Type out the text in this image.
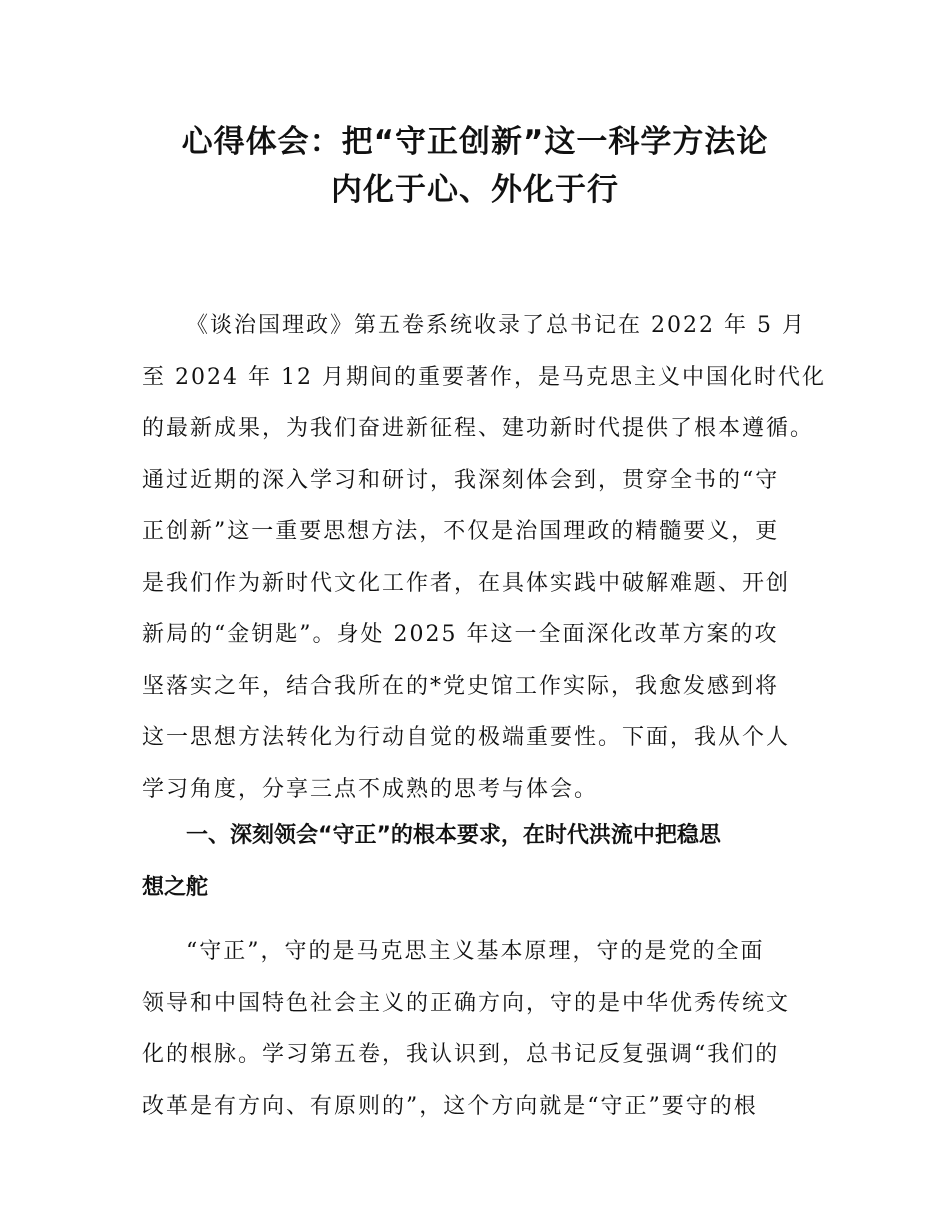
心得体会：把“守正创新”这一科学方法论
内化于心、外化于行
《谈治国理政》第五卷系统收录了总书记在 2022 年 5 月
至 2024 年 12 月期间的重要著作，是马克思主义中国化时代化
的最新成果，为我们奋进新征程、建功新时代提供了根本遵循。
通过近期的深入学习和研讨，我深刻体会到，贯穿全书的“守
正创新”这一重要思想方法，不仅是治国理政的精髓要义，更
是我们作为新时代文化工作者，在具体实践中破解难题、开创
新局的“金钥匙”。身处 2025 年这一全面深化改革方案的攻
坚落实之年，结合我所在的*党史馆工作实际，我愈发感到将
这一思想方法转化为行动自觉的极端重要性。下面，我从个人
学习角度，分享三点不成熟的思考与体会。
一、深刻领会“守正”的根本要求，在时代洪流中把稳思
想之舵
“守正”，守的是马克思主义基本原理，守的是党的全面
领导和中国特色社会主义的正确方向，守的是中华优秀传统文
化的根脉。学习第五卷，我认识到，总书记反复强调“我们的
改革是有方向、有原则的”，这个方向就是“守正”要守的根
